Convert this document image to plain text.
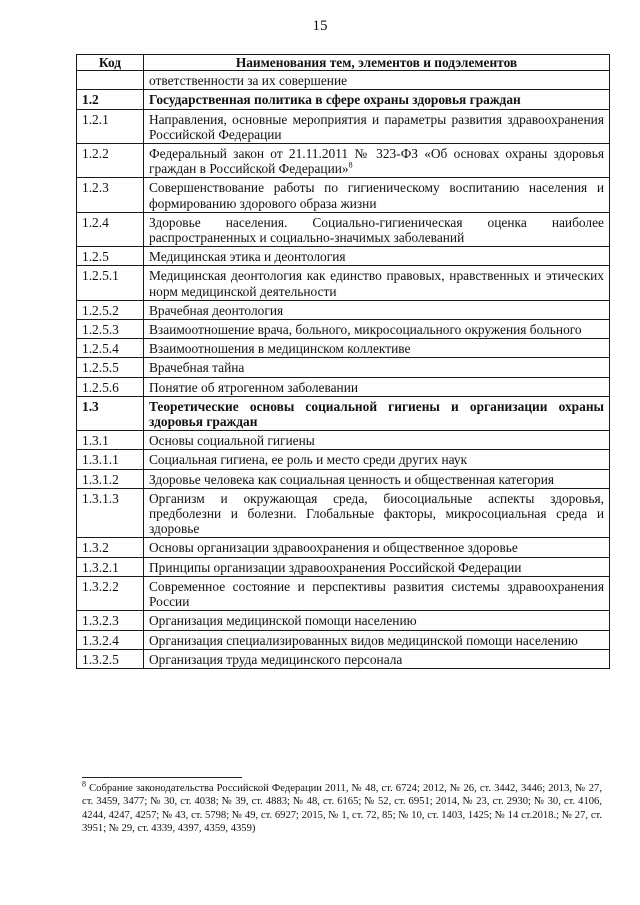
15
Код	Наименования тем, элементов и подэлементов
	ответственности за их совершение
1.2	Государственная политика в сфере охраны здоровья граждан
1.2.1	Направления, основные мероприятия и параметры развития здравоохранения Российской Федерации
1.2.2	Федеральный закон от 21.11.2011 № 323-ФЗ «Об основах охраны здоровья граждан в Российской Федерации»$^8$
1.2.3	Совершенствование работы по гигиеническому воспитанию населения и формированию здорового образа жизни
1.2.4	Здоровье населения. Социально-гигиеническая оценка наиболее распространенных и социально-значимых заболеваний
1.2.5	Медицинская этика и деонтология
1.2.5.1	Медицинская деонтология как единство правовых, нравственных и этических норм медицинской деятельности
1.2.5.2	Врачебная деонтология
1.2.5.3	Взаимоотношение врача, больного, микросоциального окружения больного
1.2.5.4	Взаимоотношения в медицинском коллективе
1.2.5.5	Врачебная тайна
1.2.5.6	Понятие об ятрогенном заболевании
1.3	Теоретические основы социальной гигиены и организации охраны здоровья граждан
1.3.1	Основы социальной гигиены
1.3.1.1	Социальная гигиена, ее роль и место среди других наук
1.3.1.2	Здоровье человека как социальная ценность и общественная категория
1.3.1.3	Организм и окружающая среда, биосоциальные аспекты здоровья, предболезни и болезни. Глобальные факторы, микросоциальная среда и здоровье
1.3.2	Основы организации здравоохранения и общественное здоровье
1.3.2.1	Принципы организации здравоохранения Российской Федерации
1.3.2.2	Современное состояние и перспективы развития системы здравоохранения России
1.3.2.3	Организация медицинской помощи населению
1.3.2.4	Организация специализированных видов медицинской помощи населению
1.3.2.5	Организация труда медицинского персонала
$^8$ Собрание законодательства Российской Федерации 2011, № 48, ст. 6724; 2012, № 26, ст. 3442, 3446; 2013, № 27, ст. 3459, 3477; № 30, ст. 4038; № 39, ст. 4883; № 48, ст. 6165; № 52, ст. 6951; 2014, № 23, ст. 2930; № 30, ст. 4106, 4244, 4247, 4257; № 43, ст. 5798; № 49, ст. 6927; 2015, № 1, ст. 72, 85; № 10, ст. 1403, 1425; № 14 ст.2018.; № 27, ст. 3951; № 29, ст. 4339, 4397, 4359, 4359)
